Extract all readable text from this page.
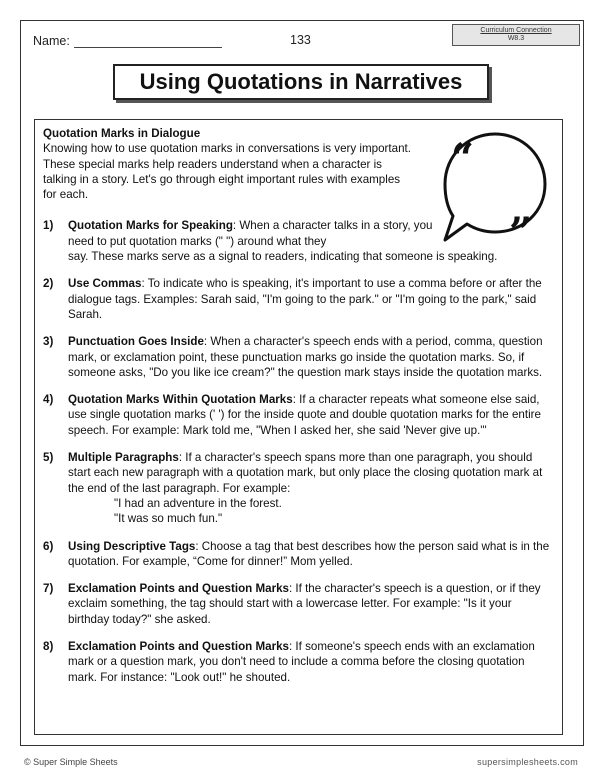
Name:	133
Curriculum Connection
W8.3
Using Quotations in Narratives
“
”
Quotation Marks in Dialogue
Knowing how to use quotation marks in conversations is very important. These special marks help readers understand when a character is talking in a story. Let's go through eight important rules with examples for each.
1) Quotation Marks for Speaking: When a character talks in a story, you need to put quotation marks (" ") around what they
say. These marks serve as a signal to readers, indicating that someone is speaking.
2) Use Commas: To indicate who is speaking, it's important to use a comma before or after the dialogue tags. Examples: Sarah said, "I'm going to the park." or "I'm going to the park," said Sarah.
3) Punctuation Goes Inside: When a character's speech ends with a period, comma, question mark, or exclamation point, these punctuation marks go inside the quotation marks. So, if someone asks, "Do you like ice cream?" the question mark stays inside the quotation marks.
4) Quotation Marks Within Quotation Marks: If a character repeats what someone else said, use single quotation marks (' ') for the inside quote and double quotation marks for the entire speech. For example: Mark told me, "When I asked her, she said 'Never give up.'"
5) Multiple Paragraphs: If a character's speech spans more than one paragraph, you should start each new paragraph with a quotation mark, but only place the closing quotation mark at the end of the last paragraph. For example:
"I had an adventure in the forest.
"It was so much fun."
6) Using Descriptive Tags: Choose a tag that best describes how the person said what is in the quotation. For example, “Come for dinner!” Mom yelled.
7) Exclamation Points and Question Marks: If the character's speech is a question, or if they exclaim something, the tag should start with a lowercase letter. For example: "Is it your birthday today?" she asked.
8) Exclamation Points and Question Marks: If someone's speech ends with an exclamation mark or a question mark, you don't need to include a comma before the closing quotation mark. For instance: "Look out!" he shouted.
© Super Simple Sheets	supersimplesheets.com
